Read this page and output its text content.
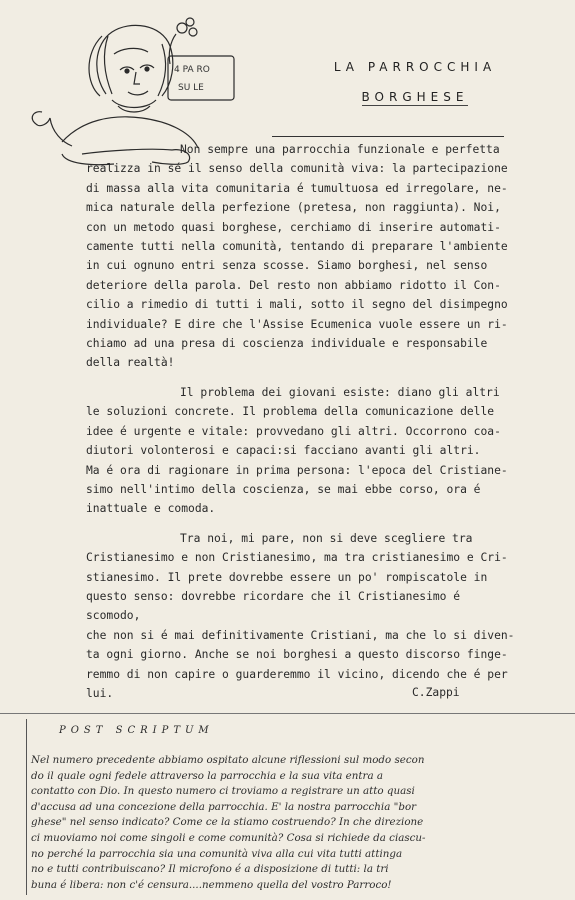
4 PA RO
SU LE
LA PARROCCHIA
BORGHESE

Non sempre una parrocchia funzionale e perfetta

realizza in sé il senso della comunità viva: la partecipazione

di massa alla vita comunitaria é tumultuosa ed irregolare, ne-

mica naturale della perfezione (pretesa, non raggiunta). Noi,

con un metodo quasi borghese, cerchiamo di inserire automati-

camente tutti nella comunità, tentando di preparare l'ambiente

in cui ognuno entri senza scosse. Siamo borghesi, nel senso

deteriore della parola. Del resto non abbiamo ridotto il Con-

cilio a rimedio di tutti i mali, sotto il segno del disimpegno

individuale? E dire che l'Assise Ecumenica vuole essere un ri-

chiamo ad una presa di coscienza individuale e responsabile

della realtà!

Il problema dei giovani esiste: diano gli altri

le soluzioni concrete. Il problema della comunicazione delle

idee é urgente e vitale: provvedano gli altri. Occorrono coa-

diutori volonterosi e capaci:si facciano avanti gli altri.

Ma é ora di ragionare in prima persona: l'epoca del Cristiane-

simo nell'intimo della coscienza, se mai ebbe corso, ora é

inattuale e comoda.

Tra noi, mi pare, non si deve scegliere tra

Cristianesimo e non Cristianesimo, ma tra cristianesimo e Cri-

stianesimo. Il prete dovrebbe essere un po' rompiscatole in

questo senso: dovrebbe ricordare che il Cristianesimo é scomodo,

che non si é mai definitivamente Cristiani, ma che lo si diven-

ta ogni giorno. Anche se noi borghesi a questo discorso finge-

remmo di non capire o guarderemmo il vicino, dicendo che é per

lui.	C.Zappi
POST SCRIPTUM

Nel numero precedente abbiamo ospitato alcune riflessioni sul modo secon

do il quale ogni fedele attraverso la parrocchia e la sua vita entra a

contatto con Dio. In questo numero ci troviamo a registrare un atto quasi

d'accusa ad una concezione della parrocchia. E' la nostra parrocchia "bor

ghese" nel senso indicato? Come ce la stiamo costruendo? In che direzione

ci muoviamo noi come singoli e come comunità? Cosa si richiede da ciascu-

no perché la parrocchia sia una comunità viva alla cui vita tutti attinga

no e tutti contribuiscano? Il microfono é a disposizione di tutti: la tri

buna é libera: non c'é censura....nemmeno quella del vostro Parroco!
